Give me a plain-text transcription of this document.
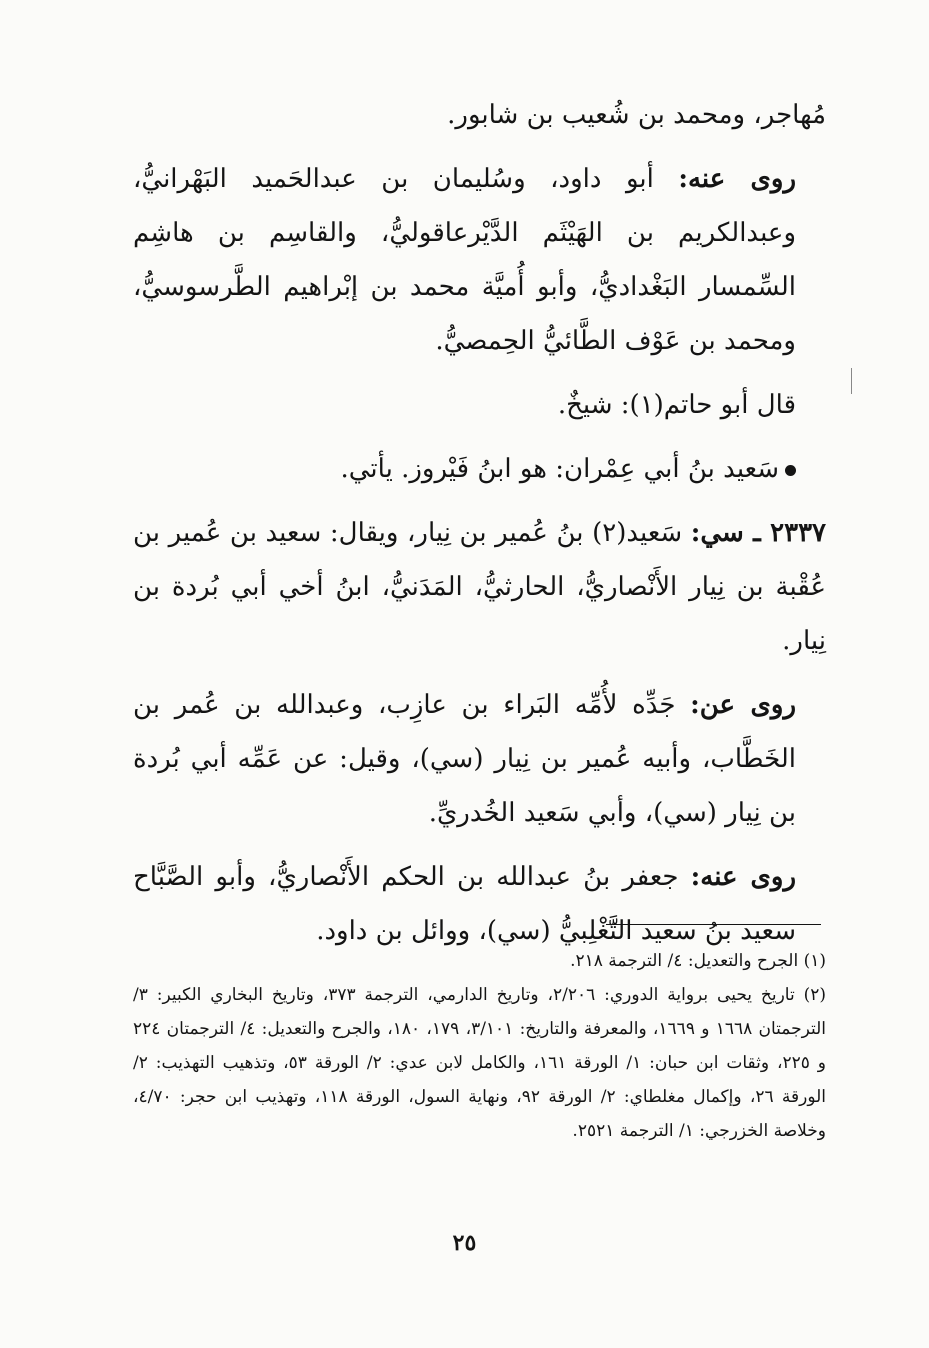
مُهاجر، ومحمد بن شُعيب بن شابور.

روى عنه: أبو داود، وسُليمان بن عبدالحَميد البَهْرانيُّ، وعبدالكريم بن الهَيْثَم الدَّيْرعاقوليُّ، والقاسِم بن هاشِم السِّمسار البَغْداديُّ، وأبو أُميَّة محمد بن إبْراهيم الطَّرسوسيُّ، ومحمد بن عَوْف الطَّائيُّ الحِمصيُّ.

قال أبو حاتم(١): شيخٌ.

سَعيد بنُ أبي عِمْران: هو ابنُ فَيْروز. يأتي.

٢٣٣٧ ـ سي: سَعيد(٢) بنُ عُمير بن نِيار، ويقال: سعيد بن عُمير بن عُقْبة بن نِيار الأَنْصاريُّ، الحارثيُّ، المَدَنيُّ، ابنُ أخي أبي بُردة بن نِيار.

روى عن: جَدِّه لأُمِّه البَراء بن عازِب، وعبدالله بن عُمر بن الخَطَّاب، وأبيه عُمير بن نِيار (سي)، وقيل: عن عَمِّه أبي بُردة بن نِيار (سي)، وأبي سَعيد الخُدريِّ.

روى عنه: جعفر بنُ عبدالله بن الحكم الأَنْصاريُّ، وأبو الصَّبَّاح سعيد بنُ سعيد التَّغْلِبيُّ (سي)، ووائل بن داود.

(١) الجرح والتعديل: ٤/ الترجمة ٢١٨.

(٢) تاريخ يحيى برواية الدوري: ٢/٢٠٦، وتاريخ الدارمي، الترجمة ٣٧٣، وتاريخ البخاري الكبير: ٣/ الترجمتان ١٦٦٨ و ١٦٦٩، والمعرفة والتاريخ: ٣/١٠١، ١٧٩، ١٨٠، والجرح والتعديل: ٤/ الترجمتان ٢٢٤ و ٢٢٥، وثقات ابن حبان: ١/ الورقة ١٦١، والكامل لابن عدي: ٢/ الورقة ٥٣، وتذهيب التهذيب: ٢/ الورقة ٢٦، وإكمال مغلطاي: ٢/ الورقة ٩٢، ونهاية السول، الورقة ١١٨، وتهذيب ابن حجر: ٤/٧٠، وخلاصة الخزرجي: ١/ الترجمة ٢٥٢١.

٢٥
